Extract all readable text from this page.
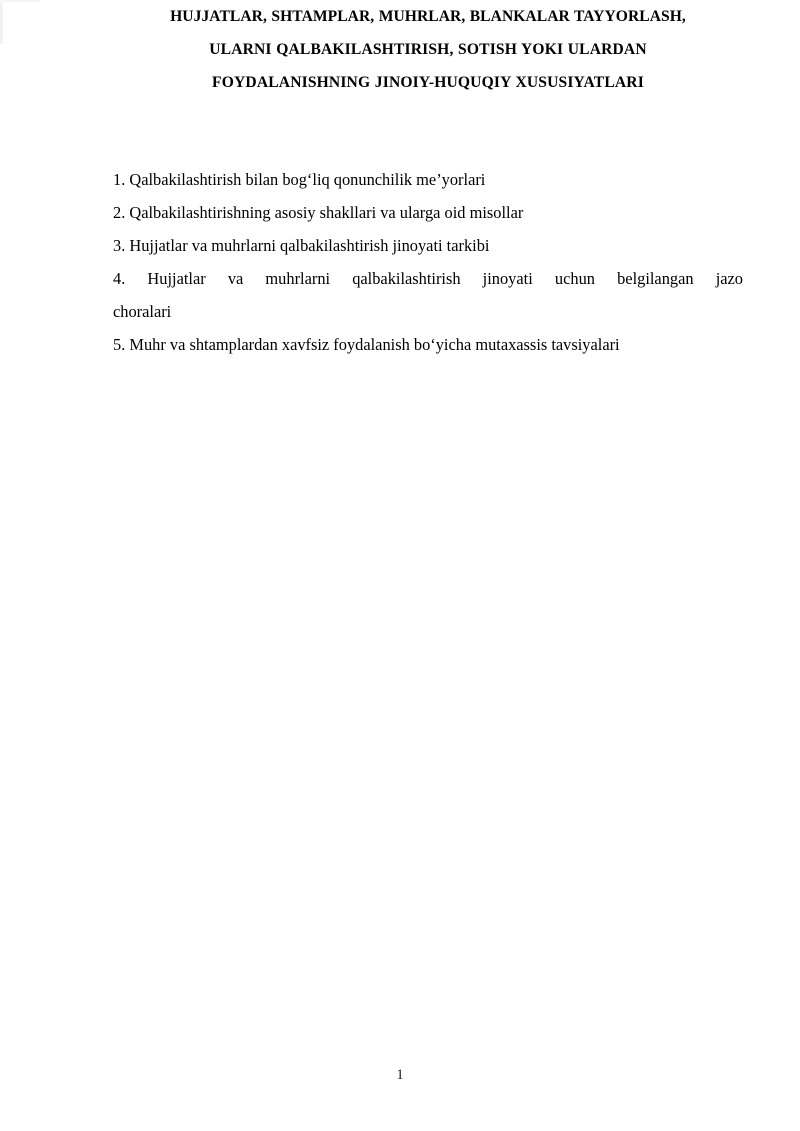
HUJJATLAR, SHTAMPLAR, MUHRLAR, BLANKALAR TAYYORLASH,
ULARNI QALBAKILASHTIRISH, SOTISH YOKI ULARDAN
FOYDALANISHNING JINOIY-HUQUQIY XUSUSIYATLARI
1. Qalbakilashtirish bilan bog‘liq qonunchilik me’yorlari
2. Qalbakilashtirishning asosiy shakllari va ularga oid misollar
3. Hujjatlar va muhrlarni qalbakilashtirish jinoyati tarkibi
4. Hujjatlar va muhrlarni qalbakilashtirish jinoyati uchun belgilangan jazo
choralari
5. Muhr va shtamplardan xavfsiz foydalanish bo‘yicha mutaxassis tavsiyalari
1
